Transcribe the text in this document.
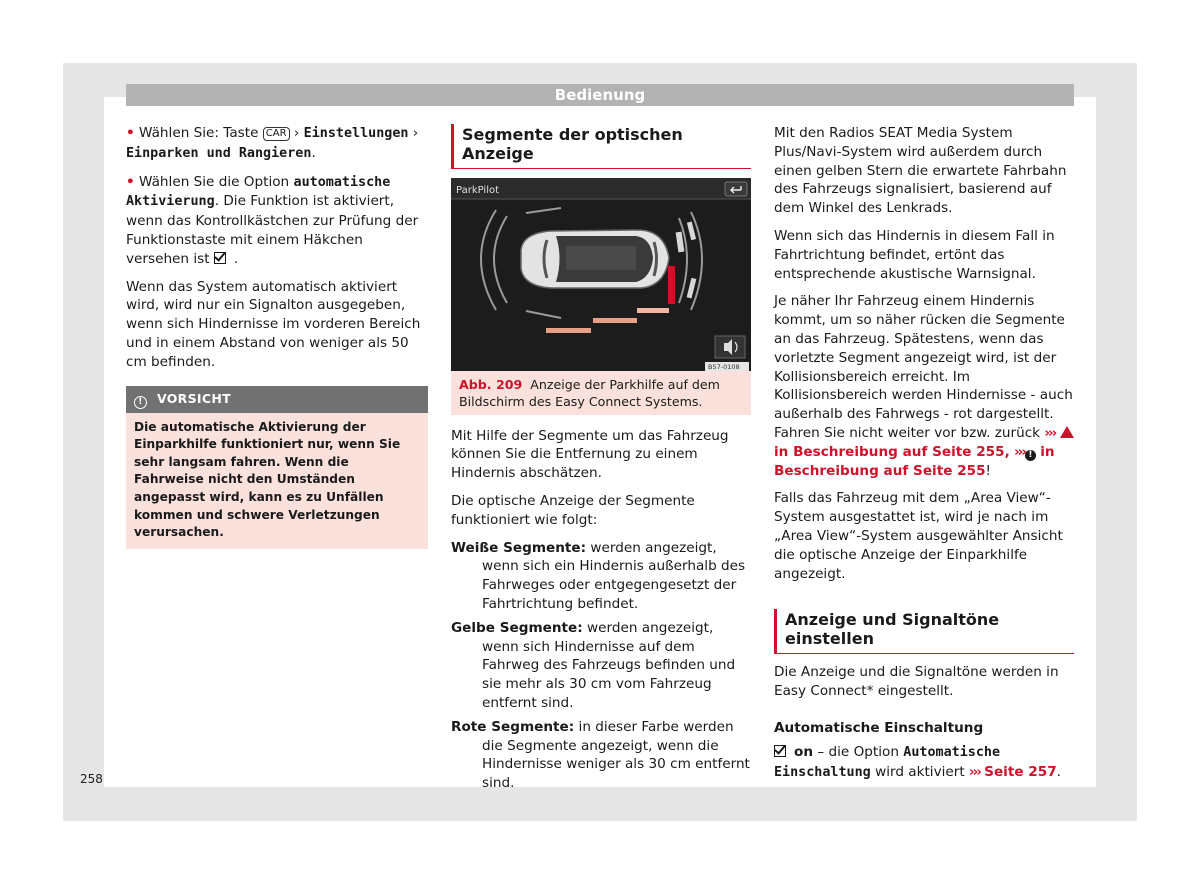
Bedienung
258

• Wählen Sie: Taste CAR › Einstellungen › Einparken und Rangieren.

• Wählen Sie die Option automatische Aktivierung. Die Funktion ist aktiviert, wenn das Kontrollkästchen zur Prüfung der Funktionstaste mit einem Häkchen versehen ist .

Wenn das System automatisch aktiviert wird, wird nur ein Signalton ausgegeben, wenn sich Hindernisse im vorderen Bereich und in einem Abstand von weniger als 50 cm befinden.

! VORSICHT
Die automatische Aktivierung der Einparkhilfe funktioniert nur, wenn Sie sehr langsam fahren. Wenn die Fahrweise nicht den Umständen angepasst wird, kann es zu Unfällen kommen und schwere Verletzungen verursachen.
Segmente der optischen Anzeige
ParkPilot
B57-0108
Abb. 209 Anzeige der Parkhilfe auf dem Bildschirm des Easy Connect Systems.

Mit Hilfe der Segmente um das Fahrzeug können Sie die Entfernung zu einem Hindernis abschätzen.

Die optische Anzeige der Segmente funktioniert wie folgt:

Weiße Segmente: werden angezeigt, wenn sich ein Hindernis außerhalb des Fahrweges oder entgegengesetzt der Fahrtrichtung befindet.
Gelbe Segmente: werden angezeigt, wenn sich Hindernisse auf dem Fahrweg des Fahrzeugs befinden und sie mehr als 30 cm vom Fahrzeug entfernt sind.
Rote Segmente: in dieser Farbe werden die Segmente angezeigt, wenn die Hindernisse weniger als 30 cm entfernt sind.

Mit den Radios SEAT Media System Plus/Navi-System wird außerdem durch einen gelben Stern die erwartete Fahrbahn des Fahrzeugs signalisiert, basierend auf dem Winkel des Lenkrads.

Wenn sich das Hindernis in diesem Fall in Fahrtrichtung befindet, ertönt das entsprechende akustische Warnsignal.

Je näher Ihr Fahrzeug einem Hindernis kommt, um so näher rücken die Segmente an das Fahrzeug. Spätestens, wenn das vorletzte Segment angezeigt wird, ist der Kollisionsbereich erreicht. Im Kollisionsbereich werden Hindernisse - auch außerhalb des Fahrwegs - rot dargestellt. Fahren Sie nicht weiter vor bzw. zurück ›››  in Beschreibung auf Seite 255, ››› ! in Beschreibung auf Seite 255!

Falls das Fahrzeug mit dem „Area View“-System ausgestattet ist, wird je nach im „Area View“-System ausgewählter Ansicht die optische Anzeige der Einparkhilfe angezeigt.

Anzeige und Signaltöne einstellen

Die Anzeige und die Signaltöne werden in Easy Connect* eingestellt.

Automatische Einschaltung

on – die Option Automatische Einschaltung wird aktiviert ››› Seite 257.
